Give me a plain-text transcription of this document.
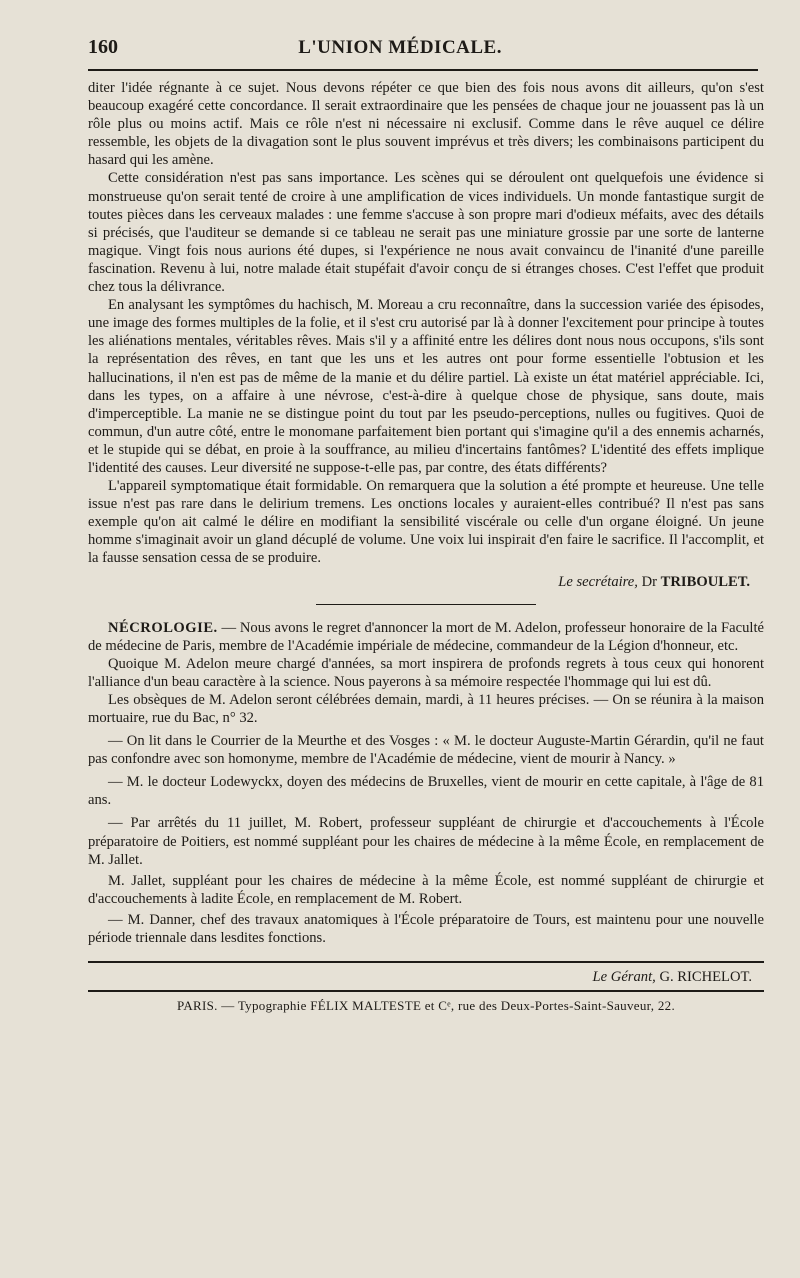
160	L'UNION MÉDICALE.

diter l'idée régnante à ce sujet. Nous devons répéter ce que bien des fois nous avons dit ailleurs, qu'on s'est beaucoup exagéré cette concordance. Il serait extraordinaire que les pensées de chaque jour ne jouassent pas là un rôle plus ou moins actif. Mais ce rôle n'est ni nécessaire ni exclusif. Comme dans le rêve auquel ce délire ressemble, les objets de la divagation sont le plus souvent imprévus et très divers; les combinaisons participent du hasard qui les amène.

Cette considération n'est pas sans importance. Les scènes qui se déroulent ont quelquefois une évidence si monstrueuse qu'on serait tenté de croire à une amplification de vices individuels. Un monde fantastique surgit de toutes pièces dans les cerveaux malades : une femme s'accuse à son propre mari d'odieux méfaits, avec des détails si précisés, que l'auditeur se demande si ce tableau ne serait pas une miniature grossie par une sorte de lanterne magique. Vingt fois nous aurions été dupes, si l'expérience ne nous avait convaincu de l'inanité d'une pareille fascination. Revenu à lui, notre malade était stupéfait d'avoir conçu de si étranges choses. C'est l'effet que produit chez tous la délivrance.

En analysant les symptômes du hachisch, M. Moreau a cru reconnaître, dans la succession variée des épisodes, une image des formes multiples de la folie, et il s'est cru autorisé par là à donner l'excitement pour principe à toutes les aliénations mentales, véritables rêves. Mais s'il y a affinité entre les délires dont nous nous occupons, s'ils sont la représentation des rêves, en tant que les uns et les autres ont pour forme essentielle l'obtusion et les hallucinations, il n'en est pas de même de la manie et du délire partiel. Là existe un état matériel appréciable. Ici, dans les types, on a affaire à une névrose, c'est-à-dire à quelque chose de physique, sans doute, mais d'imperceptible. La manie ne se distingue point du tout par les pseudo-perceptions, nulles ou fugitives. Quoi de commun, d'un autre côté, entre le monomane parfaitement bien portant qui s'imagine qu'il a des ennemis acharnés, et le stupide qui se débat, en proie à la souffrance, au milieu d'incertains fantômes? L'identité des effets implique l'identité des causes. Leur diversité ne suppose-t-elle pas, par contre, des états différents?

L'appareil symptomatique était formidable. On remarquera que la solution a été prompte et heureuse. Une telle issue n'est pas rare dans le delirium tremens. Les onctions locales y auraient-elles contribué? Il n'est pas sans exemple qu'on ait calmé le délire en modifiant la sensibilité viscérale ou celle d'un organe éloigné. Un jeune homme s'imaginait avoir un gland décuplé de volume. Une voix lui inspirait d'en faire le sacrifice. Il l'accomplit, et la fausse sensation cessa de se produire.

Le secrétaire, Dr TRIBOULET.

NÉCROLOGIE. — Nous avons le regret d'annoncer la mort de M. Adelon, professeur honoraire de la Faculté de médecine de Paris, membre de l'Académie impériale de médecine, commandeur de la Légion d'honneur, etc.

Quoique M. Adelon meure chargé d'années, sa mort inspirera de profonds regrets à tous ceux qui honorent l'alliance d'un beau caractère à la science. Nous payerons à sa mémoire respectée l'hommage qui lui est dû.

Les obsèques de M. Adelon seront célébrées demain, mardi, à 11 heures précises. — On se réunira à la maison mortuaire, rue du Bac, n° 32.

— On lit dans le Courrier de la Meurthe et des Vosges : « M. le docteur Auguste-Martin Gérardin, qu'il ne faut pas confondre avec son homonyme, membre de l'Académie de médecine, vient de mourir à Nancy. »

— M. le docteur Lodewyckx, doyen des médecins de Bruxelles, vient de mourir en cette capitale, à l'âge de 81 ans.

— Par arrêtés du 11 juillet, M. Robert, professeur suppléant de chirurgie et d'accouchements à l'École préparatoire de Poitiers, est nommé suppléant pour les chaires de médecine à la même École, en remplacement de M. Jallet.

M. Jallet, suppléant pour les chaires de médecine à la même École, est nommé suppléant de chirurgie et d'accouchements à ladite École, en remplacement de M. Robert.

— M. Danner, chef des travaux anatomiques à l'École préparatoire de Tours, est maintenu pour une nouvelle période triennale dans lesdites fonctions.

Le Gérant, G. RICHELOT.
PARIS. — Typographie FÉLIX MALTESTE et Cᵉ, rue des Deux-Portes-Saint-Sauveur, 22.
